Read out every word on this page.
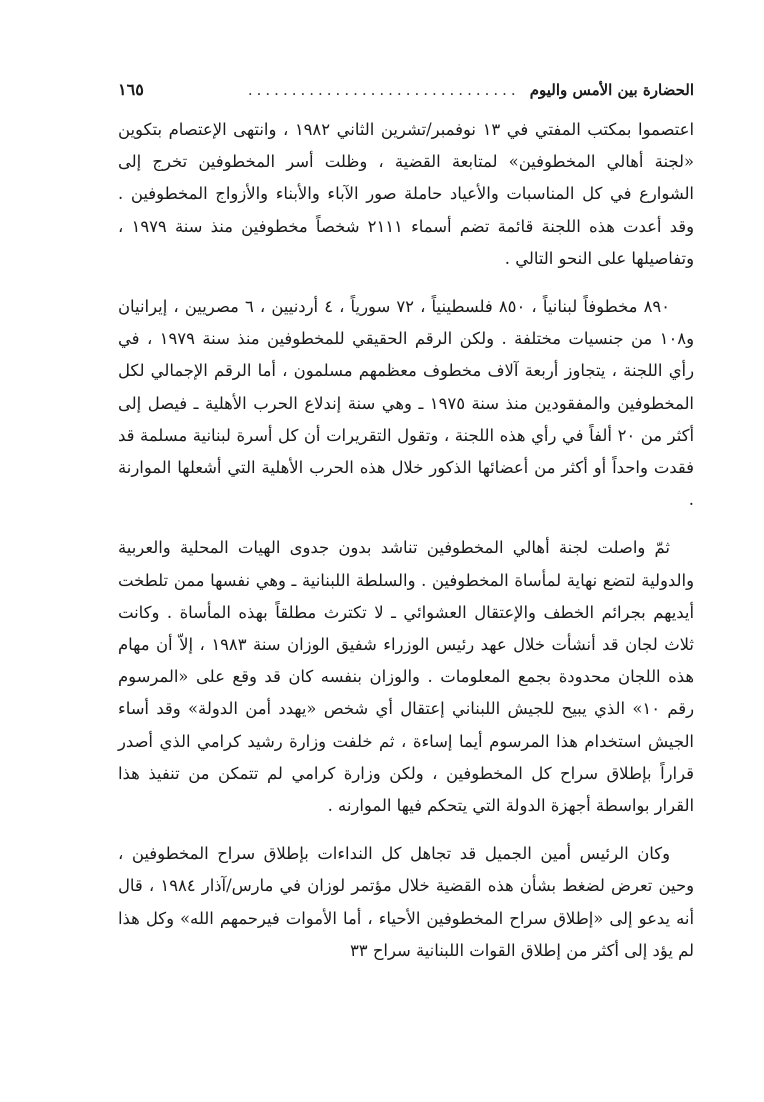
الحضارة بين الأمس واليوم
...............................
١٦٥

اعتصموا بمكتب المفتي في ١٣ نوفمبر/تشرين الثاني ١٩٨٢ ، وانتهى الإعتصام بتكوين «لجنة أهالي المخطوفين» لمتابعة القضية ، وظلت أسر المخطوفين تخرج إلى الشوارع في كل المناسبات والأعياد حاملة صور الآباء والأبناء والأزواج المخطوفين . وقد أعدت هذه اللجنة قائمة تضم أسماء ٢١١١ شخصاً مخطوفين منذ سنة ١٩٧٩ ، وتفاصيلها على النحو التالي .

٨٩٠ مخطوفاً لبنانياً ، ٨٥٠ فلسطينياً ، ٧٢ سورياً ، ٤ أردنيين ، ٦ مصريين ، إيرانيان و١٠٨ من جنسيات مختلفة . ولكن الرقم الحقيقي للمخطوفين منذ سنة ١٩٧٩ ، في رأي اللجنة ، يتجاوز أربعة آلاف مخطوف معظمهم مسلمون ، أما الرقم الإجمالي لكل المخطوفين والمفقودين منذ سنة ١٩٧٥ ـ وهي سنة إندلاع الحرب الأهلية ـ فيصل إلى أكثر من ٢٠ ألفاً في رأي هذه اللجنة ، وتقول التقريرات أن كل أسرة لبنانية مسلمة قد فقدت واحداً أو أكثر من أعضائها الذكور خلال هذه الحرب الأهلية التي أشعلها الموارنة .

ثمّ واصلت لجنة أهالي المخطوفين تناشد بدون جدوى الهيات المحلية والعربية والدولية لتضع نهاية لمأساة المخطوفين . والسلطة اللبنانية ـ وهي نفسها ممن تلطخت أيديهم بجرائم الخطف والإعتقال العشوائي ـ لا تكترث مطلقاً بهذه المأساة . وكانت ثلاث لجان قد أنشأت خلال عهد رئيس الوزراء شفيق الوزان سنة ١٩٨٣ ، إلاّ أن مهام هذه اللجان محدودة بجمع المعلومات . والوزان بنفسه كان قد وقع على «المرسوم رقم ١٠» الذي يبيح للجيش اللبناني إعتقال أي شخص «يهدد أمن الدولة» وقد أساء الجيش استخدام هذا المرسوم أيما إساءة ، ثم خلفت وزارة رشيد كرامي الذي أصدر قراراً بإطلاق سراح كل المخطوفين ، ولكن وزارة كرامي لم تتمكن من تنفيذ هذا القرار بواسطة أجهزة الدولة التي يتحكم فيها الموارنه .

وكان الرئيس أمين الجميل قد تجاهل كل النداءات بإطلاق سراح المخطوفين ، وحين تعرض لضغط بشأن هذه القضية خلال مؤتمر لوزان في مارس/آذار ١٩٨٤ ، قال أنه يدعو إلى «إطلاق سراح المخطوفين الأحياء ، أما الأموات فيرحمهم الله» وكل هذا لم يؤد إلى أكثر من إطلاق القوات اللبنانية سراح ٣٣
